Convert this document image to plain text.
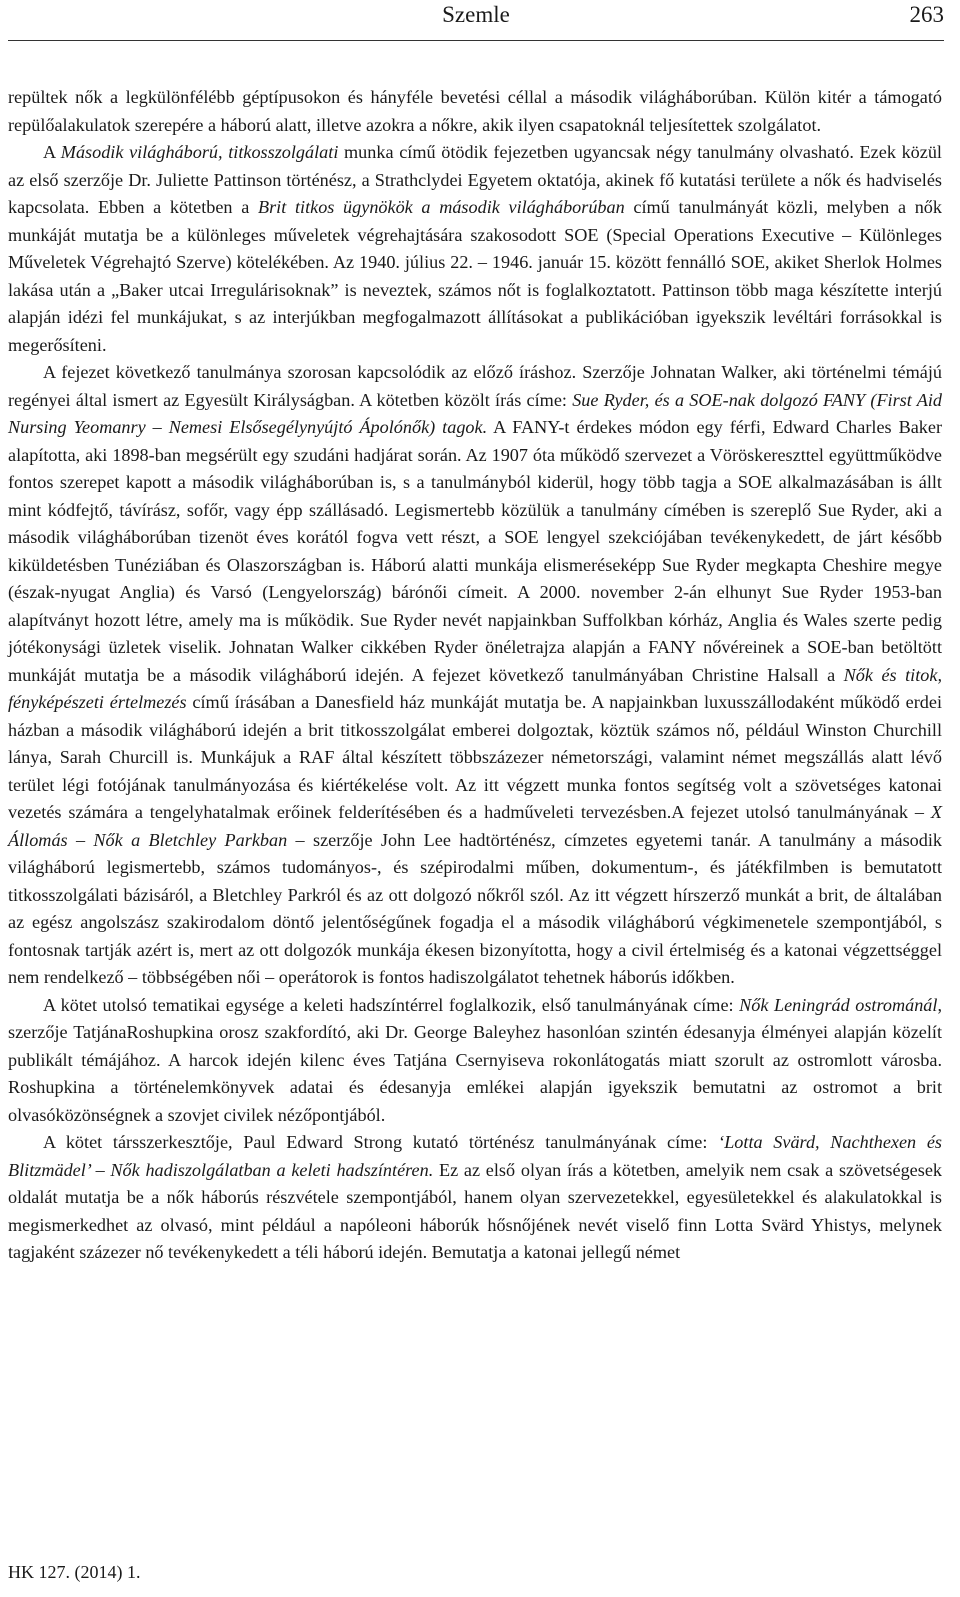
Szemle	263

repültek nők a legkülönfélébb géptípusokon és hányféle bevetési céllal a második világháborúban. Külön kitér a támogató repülőalakulatok szerepére a háború alatt, illetve azokra a nőkre, akik ilyen csapatoknál teljesítettek szolgálatot.

A Második világháború, titkosszolgálati munka című ötödik fejezetben ugyancsak négy tanulmány olvasható. Ezek közül az első szerzője Dr. Juliette Pattinson történész, a Strathclydei Egyetem oktatója, akinek fő kutatási területe a nők és hadviselés kapcsolata. Ebben a kötetben a Brit titkos ügynökök a második világháborúban című tanulmányát közli, melyben a nők munkáját mutatja be a különleges műveletek végrehajtására szakosodott SOE (Special Operations Executive – Különleges Műveletek Végrehajtó Szerve) kötelékében. Az 1940. július 22. – 1946. január 15. között fennálló SOE, akiket Sherlok Holmes lakása után a „Baker utcai Irregulárisoknak” is neveztek, számos nőt is foglalkoztatott. Pattinson több maga készítette interjú alapján idézi fel munkájukat, s az interjúkban megfogalmazott állításokat a publikációban igyekszik levéltári forrásokkal is megerősíteni.

A fejezet következő tanulmánya szorosan kapcsolódik az előző íráshoz. Szerzője Johnatan Walker, aki történelmi témájú regényei által ismert az Egyesült Királyságban. A kötetben közölt írás címe: Sue Ryder, és a SOE-nak dolgozó FANY (First Aid Nursing Yeomanry – Nemesi Elsősegélynyújtó Ápolónők) tagok. A FANY-t érdekes módon egy férfi, Edward Charles Baker alapította, aki 1898-ban megsérült egy szudáni hadjárat során. Az 1907 óta működő szervezet a Vöröskereszttel együttműködve fontos szerepet kapott a második világháborúban is, s a tanulmányból kiderül, hogy több tagja a SOE alkalmazásában is állt mint kódfejtő, távírász, sofőr, vagy épp szállásadó. Legismertebb közülük a tanulmány címében is szereplő Sue Ryder, aki a második világháborúban tizenöt éves korától fogva vett részt, a SOE lengyel szekciójában tevékenykedett, de járt később kiküldetésben Tunéziában és Olaszországban is. Háború alatti munkája elismeréseképp Sue Ryder megkapta Cheshire megye (észak-nyugat Anglia) és Varsó (Lengyelország) bárónői címeit. A 2000. november 2-án elhunyt Sue Ryder 1953-ban alapítványt hozott létre, amely ma is működik. Sue Ryder nevét napjainkban Suffolkban kórház, Anglia és Wales szerte pedig jótékonysági üzletek viselik. Johnatan Walker cikkében Ryder önéletrajza alapján a FANY nővéreinek a SOE-ban betöltött munkáját mutatja be a második világháború idején. A fejezet következő tanulmányában Christine Halsall a Nők és titok, fényképészeti értelmezés című írásában a Danesfield ház munkáját mutatja be. A napjainkban luxusszállodaként működő erdei házban a második világháború idején a brit titkosszolgálat emberei dolgoztak, köztük számos nő, például Winston Churchill lánya, Sarah Churcill is. Munkájuk a RAF által készített többszázezer németországi, valamint német megszállás alatt lévő terület légi fotójának tanulmányozása és kiértékelése volt. Az itt végzett munka fontos segítség volt a szövetséges katonai vezetés számára a tengelyhatalmak erőinek felderítésében és a hadműveleti tervezésben.A fejezet utolsó tanulmányának – X Állomás – Nők a Bletchley Parkban – szerzője John Lee hadtörténész, címzetes egyetemi tanár. A tanulmány a második világháború legismertebb, számos tudományos-, és szépirodalmi műben, dokumentum-, és játékfilmben is bemutatott titkosszolgálati bázisáról, a Bletchley Parkról és az ott dolgozó nőkről szól. Az itt végzett hírszerző munkát a brit, de általában az egész angolszász szakirodalom döntő jelentőségűnek fogadja el a második világháború végkimenetele szempontjából, s fontosnak tartják azért is, mert az ott dolgozók munkája ékesen bizonyította, hogy a civil értelmiség és a katonai végzettséggel nem rendelkező – többségében női – operátorok is fontos hadiszolgálatot tehetnek háborús időkben.

A kötet utolsó tematikai egysége a keleti hadszíntérrel foglalkozik, első tanulmányának címe: Nők Leningrád ostrománál, szerzője TatjánaRoshupkina orosz szakfordító, aki Dr. George Baleyhez hasonlóan szintén édesanyja élményei alapján közelít publikált témájához. A harcok idején kilenc éves Tatjána Csernyiseva rokonlátogatás miatt szorult az ostromlott városba. Roshupkina a történelemkönyvek adatai és édesanyja emlékei alapján igyekszik bemutatni az ostromot a brit olvasóközönségnek a szovjet civilek nézőpontjából.

A kötet társszerkesztője, Paul Edward Strong kutató történész tanulmányának címe: ‘Lotta Svärd, Nachthexen és Blitzmädel’ – Nők hadiszolgálatban a keleti hadszíntéren. Ez az első olyan írás a kötetben, amelyik nem csak a szövetségesek oldalát mutatja be a nők háborús részvétele szempontjából, hanem olyan szervezetekkel, egyesületekkel és alakulatokkal is megismerkedhet az olvasó, mint például a napóleoni háborúk hősnőjének nevét viselő finn Lotta Svärd Yhistys, melynek tagjaként százezer nő tevékenykedett a téli háború idején. Bemutatja a katonai jellegű német

HK 127. (2014) 1.
